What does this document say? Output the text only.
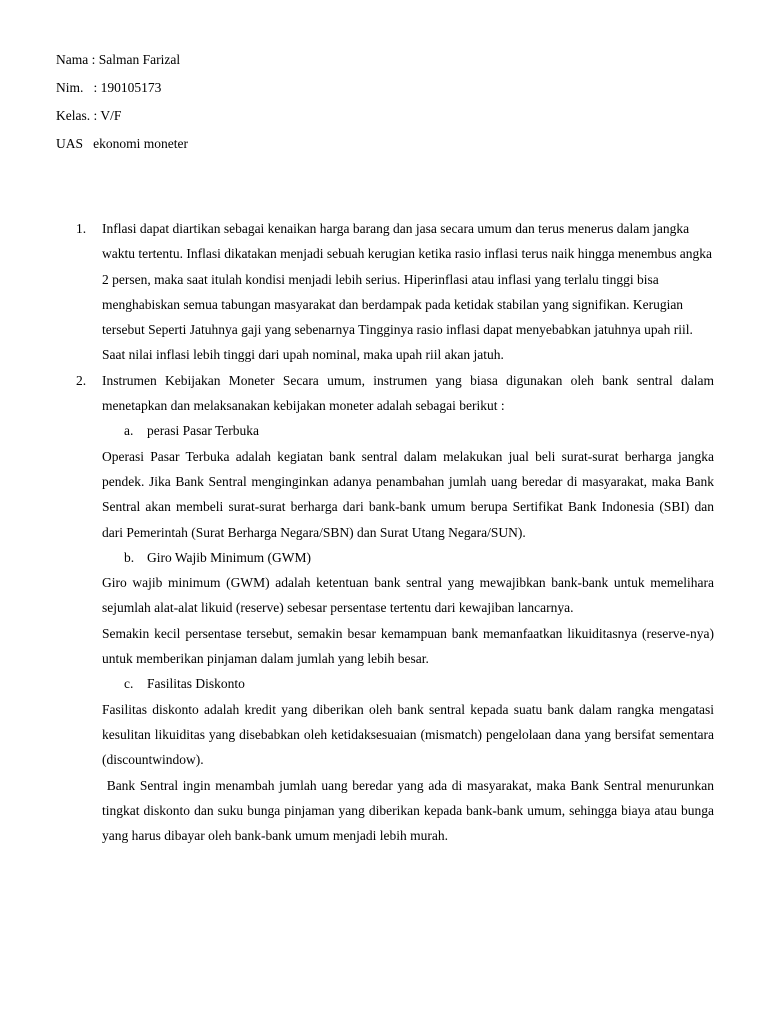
Nama : Salman Farizal
Nim.   : 190105173
Kelas. : V/F
UAS   ekonomi moneter
1. Inflasi dapat diartikan sebagai kenaikan harga barang dan jasa secara umum dan terus menerus dalam jangka waktu tertentu. Inflasi dikatakan menjadi sebuah kerugian ketika rasio inflasi terus naik hingga menembus angka 2 persen, maka saat itulah kondisi menjadi lebih serius. Hiperinflasi atau inflasi yang terlalu tinggi bisa menghabiskan semua tabungan masyarakat dan berdampak pada ketidak stabilan yang signifikan. Kerugian tersebut Seperti Jatuhnya gaji yang sebenarnya Tingginya rasio inflasi dapat menyebabkan jatuhnya upah riil. Saat nilai inflasi lebih tinggi dari upah nominal, maka upah riil akan jatuh.

2. Instrumen Kebijakan Moneter Secara umum, instrumen yang biasa digunakan oleh bank sentral dalam menetapkan dan melaksanakan kebijakan moneter adalah sebagai berikut :

a. perasi Pasar Terbuka

Operasi Pasar Terbuka adalah kegiatan bank sentral dalam melakukan jual beli surat-surat berharga jangka pendek. Jika Bank Sentral menginginkan adanya penambahan jumlah uang beredar di masyarakat, maka Bank Sentral akan membeli surat-surat berharga dari bank-bank umum berupa Sertifikat Bank Indonesia (SBI) dan dari Pemerintah (Surat Berharga Negara/SBN) dan Surat Utang Negara/SUN).

b. Giro Wajib Minimum (GWM)

Giro wajib minimum (GWM) adalah ketentuan bank sentral yang mewajibkan bank-bank untuk memelihara sejumlah alat-alat likuid (reserve) sebesar persentase tertentu dari kewajiban lancarnya.

Semakin kecil persentase tersebut, semakin besar kemampuan bank memanfaatkan likuiditasnya (reserve-nya) untuk memberikan pinjaman dalam jumlah yang lebih besar.

c. Fasilitas Diskonto

Fasilitas diskonto adalah kredit yang diberikan oleh bank sentral kepada suatu bank dalam rangka mengatasi kesulitan likuiditas yang disebabkan oleh ketidaksesuaian (mismatch) pengelolaan dana yang bersifat sementara (discountwindow).

Bank Sentral ingin menambah jumlah uang beredar yang ada di masyarakat, maka Bank Sentral menurunkan tingkat diskonto dan suku bunga pinjaman yang diberikan kepada bank-bank umum, sehingga biaya atau bunga yang harus dibayar oleh bank-bank umum menjadi lebih murah.
